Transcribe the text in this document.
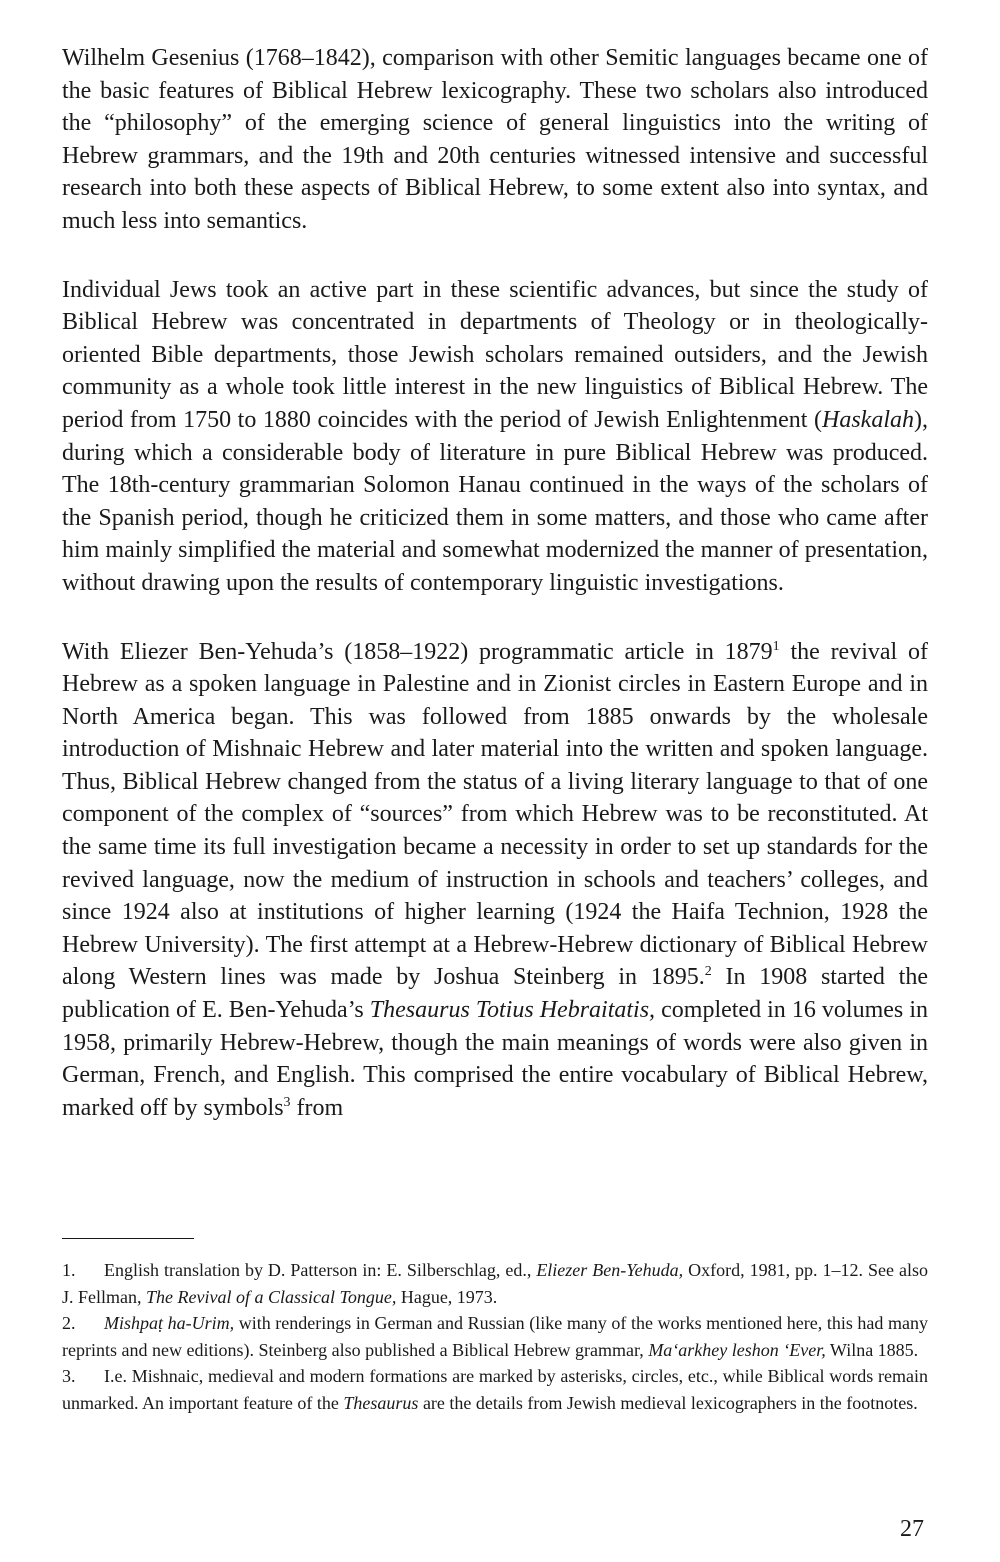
Wilhelm Gesenius (1768–1842), comparison with other Semitic languages became one of the basic features of Biblical Hebrew lexicography. These two scholars also introduced the “philosophy” of the emerging science of general linguistics into the writing of Hebrew grammars, and the 19th and 20th centuries witnessed intensive and successful research into both these aspects of Biblical Hebrew, to some extent also into syntax, and much less into semantics.

Individual Jews took an active part in these scientific advances, but since the study of Biblical Hebrew was concentrated in departments of Theology or in theologically-oriented Bible departments, those Jewish scholars remained outsiders, and the Jewish community as a whole took little interest in the new linguistics of Biblical Hebrew. The period from 1750 to 1880 coincides with the period of Jewish Enlightenment (Haskalah), during which a considerable body of literature in pure Biblical Hebrew was produced. The 18th-century grammarian Solomon Hanau continued in the ways of the scholars of the Spanish period, though he criticized them in some matters, and those who came after him mainly simplified the material and somewhat modernized the manner of presentation, without drawing upon the results of contemporary linguistic investigations.

With Eliezer Ben-Yehuda’s (1858–1922) programmatic article in 1879$^1$ the revival of Hebrew as a spoken language in Palestine and in Zionist circles in Eastern Europe and in North America began. This was followed from 1885 onwards by the wholesale introduction of Mishnaic Hebrew and later material into the written and spoken language. Thus, Biblical Hebrew changed from the status of a living literary language to that of one component of the complex of “sources” from which Hebrew was to be reconstituted. At the same time its full investigation became a necessity in order to set up standards for the revived language, now the medium of instruction in schools and teachers’ colleges, and since 1924 also at institutions of higher learning (1924 the Haifa Technion, 1928 the Hebrew University). The first attempt at a Hebrew-Hebrew dictionary of Biblical Hebrew along Western lines was made by Joshua Steinberg in 1895.$^2$ In 1908 started the publication of E. Ben-Yehuda’s Thesaurus Totius Hebraitatis, completed in 16 volumes in 1958, primarily Hebrew-Hebrew, though the main meanings of words were also given in German, French, and English. This comprised the entire vocabulary of Biblical Hebrew, marked off by symbols$^3$ from

1. English translation by D. Patterson in: E. Silberschlag, ed., Eliezer Ben-Yehuda, Oxford, 1981, pp. 1–12. See also J. Fellman, The Revival of a Classical Tongue, Hague, 1973.

2. Mishpaṭ ha-Urim, with renderings in German and Russian (like many of the works mentioned here, this had many reprints and new editions). Steinberg also published a Biblical Hebrew grammar, Ma‘arkhey leshon ‘Ever, Wilna 1885.

3. I.e. Mishnaic, medieval and modern formations are marked by asterisks, circles, etc., while Biblical words remain unmarked. An important feature of the Thesaurus are the details from Jewish medieval lexicographers in the footnotes.

27
